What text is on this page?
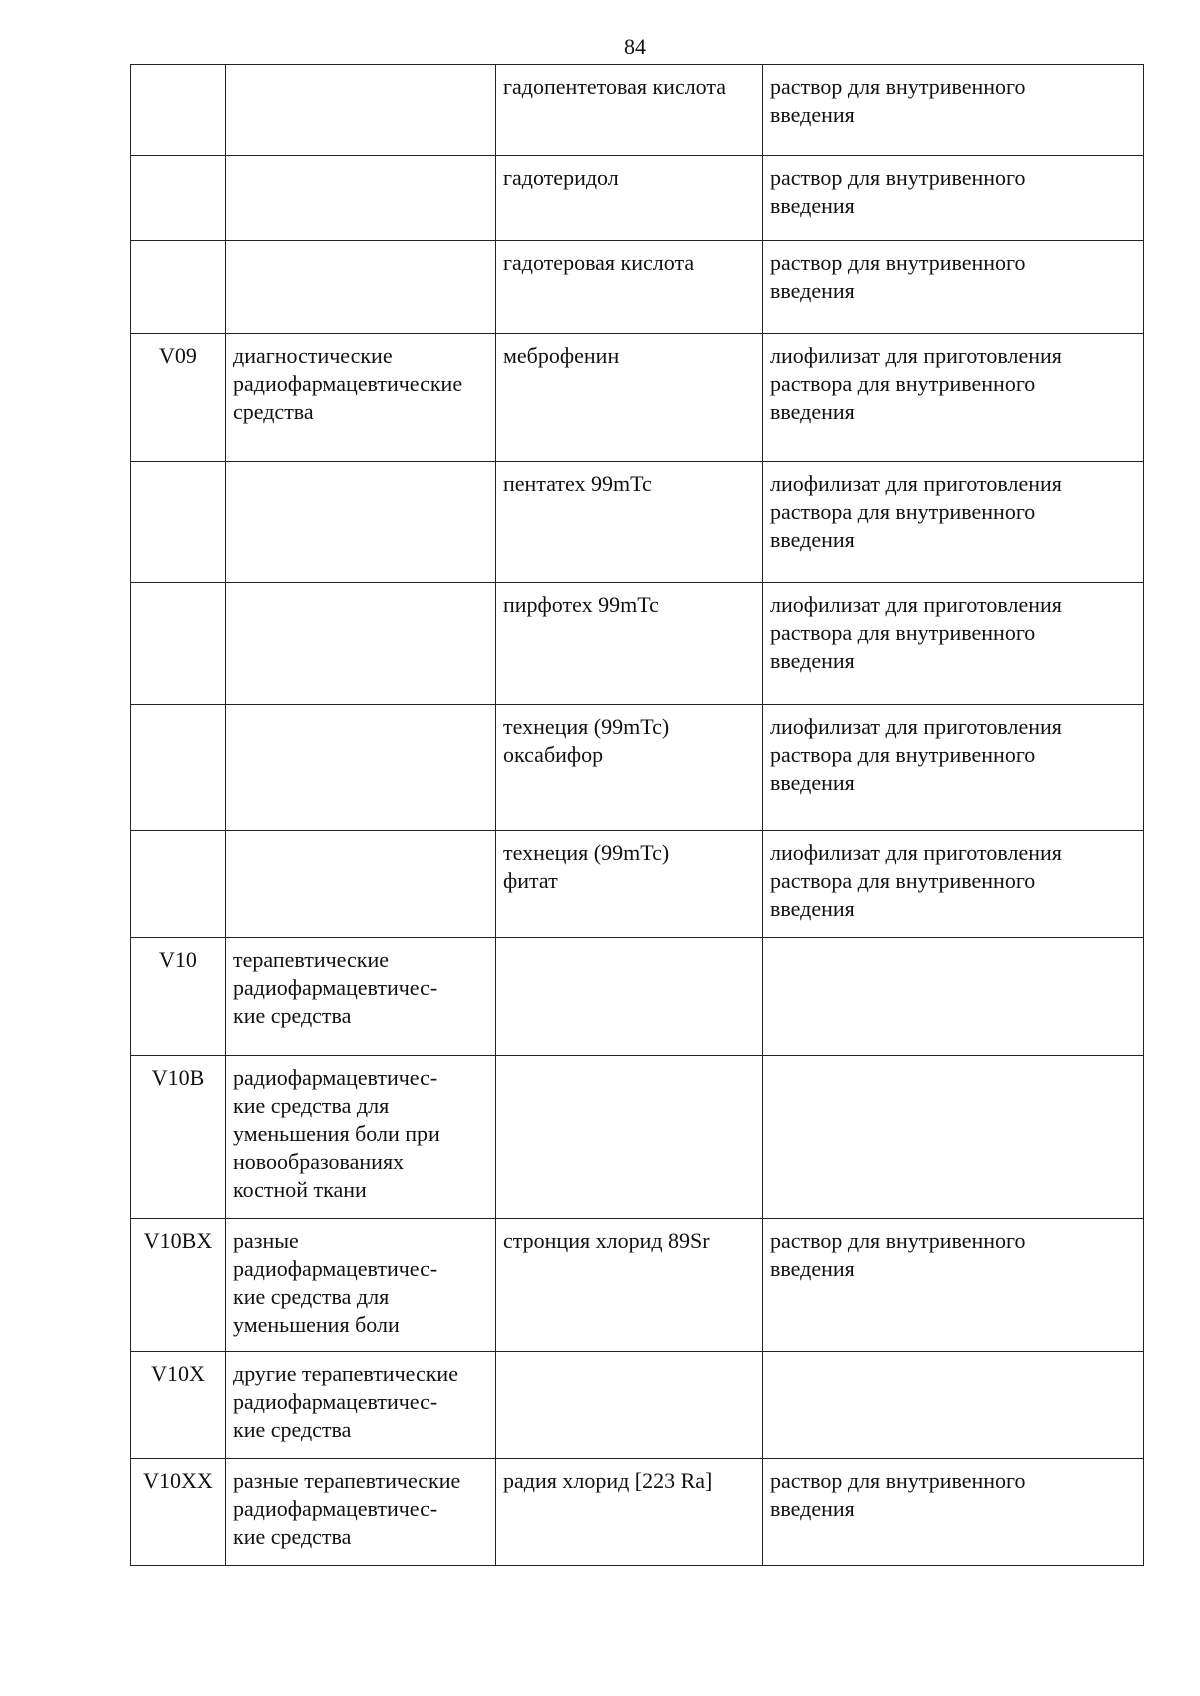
84
		гадопентетовая кислота	раствор для внутривенного
введения
		гадотеридол	раствор для внутривенного
введения
		гадотеровая кислота	раствор для внутривенного
введения
V09	диагностические
радиофармацевтические
средства	меброфенин	лиофилизат для приготовления
раствора для внутривенного
введения
		пентатех 99mTc	лиофилизат для приготовления
раствора для внутривенного
введения
		пирфотех 99mTc	лиофилизат для приготовления
раствора для внутривенного
введения
		технеция (99mTc)
оксабифор	лиофилизат для приготовления
раствора для внутривенного
введения
		технеция (99mTc)
фитат	лиофилизат для приготовления
раствора для внутривенного
введения
V10	терапевтические
радиофармацевтичес-
кие средства		
V10B	радиофармацевтичес-
кие средства для
уменьшения боли при
новообразованиях
костной ткани		
V10BX	разные
радиофармацевтичес-
кие средства для
уменьшения боли	стронция хлорид 89Sr	раствор для внутривенного
введения
V10X	другие терапевтические
радиофармацевтичес-
кие средства		
V10XX	разные терапевтические
радиофармацевтичес-
кие средства	радия хлорид [223 Ra]	раствор для внутривенного
введения
